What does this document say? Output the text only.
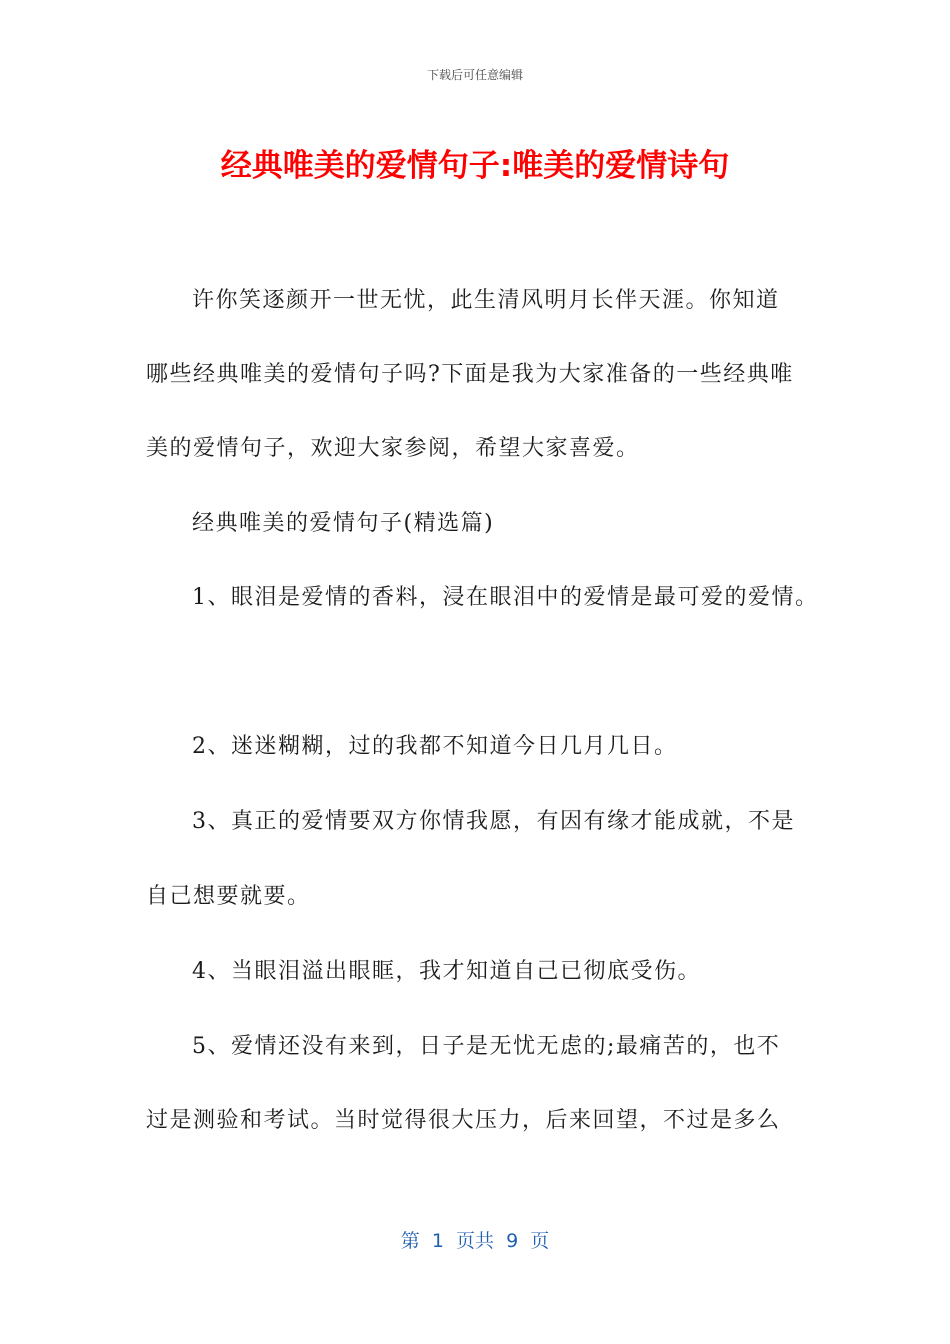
下载后可任意编辑
经典唯美的爱情句子:唯美的爱情诗句
许你笑逐颜开一世无忧，此生清风明月长伴天涯。你知道
哪些经典唯美的爱情句子吗?下面是我为大家准备的一些经典唯
美的爱情句子，欢迎大家参阅，希望大家喜爱。
经典唯美的爱情句子(精选篇)
1、眼泪是爱情的香料，浸在眼泪中的爱情是最可爱的爱情。
2、迷迷糊糊，过的我都不知道今日几月几日。
3、真正的爱情要双方你情我愿，有因有缘才能成就，不是
自己想要就要。
4、当眼泪溢出眼眶，我才知道自己已彻底受伤。
5、爱情还没有来到，日子是无忧无虑的;最痛苦的，也不
过是测验和考试。当时觉得很大压力，后来回望，不过是多么
第  1  页共  9  页
